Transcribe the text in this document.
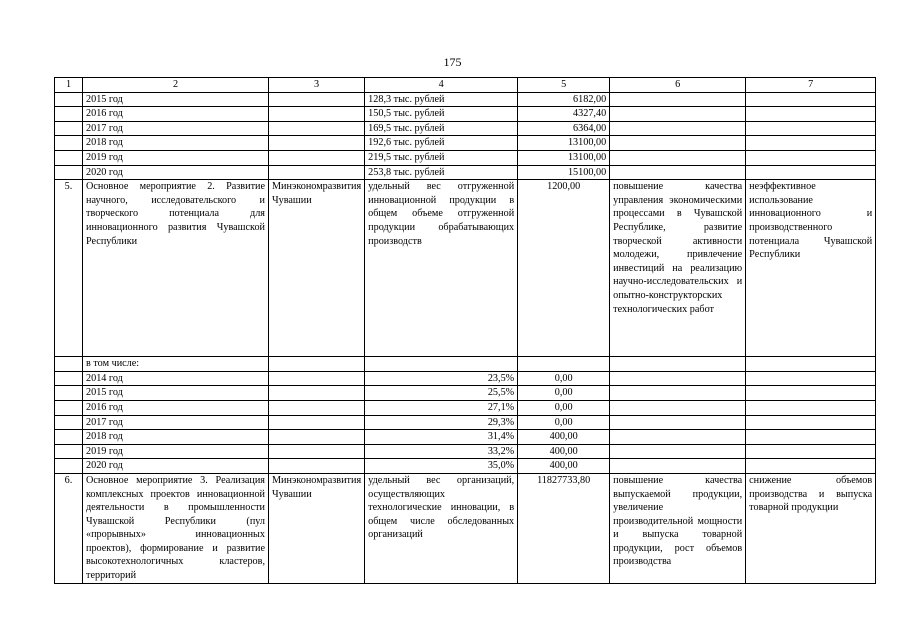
175
1	2	3	4	5	6	7
	2015 год		128,3 тыс. рублей	6182,00		
	2016 год		150,5 тыс. рублей	4327,40		
	2017 год		169,5 тыс. рублей	6364,00		
	2018 год		192,6 тыс. рублей	13100,00		
	2019 год		219,5 тыс. рублей	13100,00		
	2020 год		253,8 тыс. рублей	15100,00		
5.	Основное мероприятие 2. Развитие научного, исследовательского и творческого потенциала для инновационного развития Чувашской Республики	Минэкономразвития Чувашии	удельный вес отгруженной инновационной продукции в общем объеме отгруженной продукции обрабатывающих производств	1200,00	повышение качества управления экономическими процессами в Чувашской Республике, развитие творческой активности молодежи, привлечение инвестиций на реализацию научно-исследовательских и опытно-конструкторских технологических работ	неэффективное использование инновационного и производственного потенциала Чувашской Республики
	в том числе:					
	2014 год		23,5%	0,00		
	2015 год		25,5%	0,00		
	2016 год		27,1%	0,00		
	2017 год		29,3%	0,00		
	2018 год		31,4%	400,00		
	2019 год		33,2%	400,00		
	2020 год		35,0%	400,00		
6.	Основное мероприятие 3. Реализация комплексных проектов инновационной деятельности в промышленности Чувашской Республики (пул «прорывных» инновационных проектов), формирование и развитие высокотехнологичных кластеров, территорий	Минэкономразвития Чувашии	удельный вес организаций, осуществляющих технологические инновации, в общем числе обследованных организаций	11827733,80	повышение качества выпускаемой продукции, увеличение производительной мощности и выпуска товарной продукции, рост объемов производства	снижение объемов производства и выпуска товарной продукции
